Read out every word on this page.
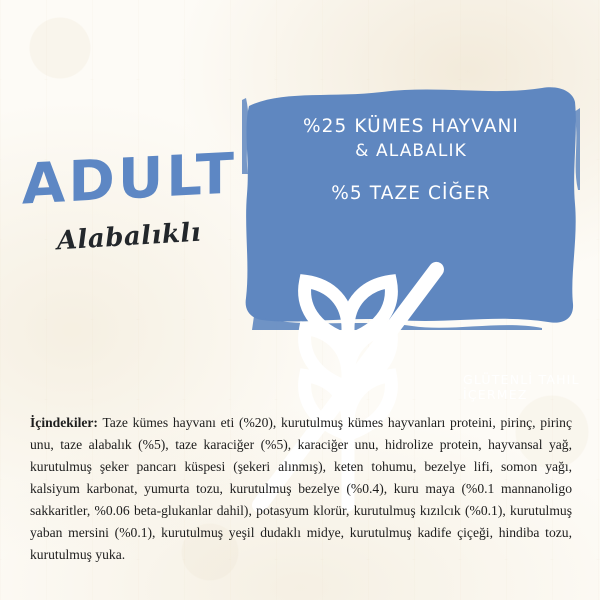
%25 KÜMES HAYVANI
& ALABALIK
%5 TAZE CİĞER
GLÜTENLİ TAHIL İÇERMEZ
ADULT
Alabalıklı

İçindekiler: Taze kümes hayvanı eti (%20), kurutulmuş kümes hayvanları proteini, pirinç, pirinç unu, taze alabalık (%5), taze karaciğer (%5), karaciğer unu, hidrolize protein, hayvansal yağ, kurutulmuş şeker pancarı küspesi (şekeri alınmış), keten tohumu, bezelye lifi, somon yağı, kalsiyum karbonat, yumurta tozu, kurutulmuş bezelye (%0.4), kuru maya (%0.1 mannanoligo sakkaritler, %0.06 beta-glukanlar dahil), potasyum klorür, kurutulmuş kızılcık (%0.1), kurutulmuş yaban mersini (%0.1), kurutulmuş yeşil dudaklı midye, kurutulmuş kadife çiçeği, hindiba tozu, kurutulmuş yuka.
